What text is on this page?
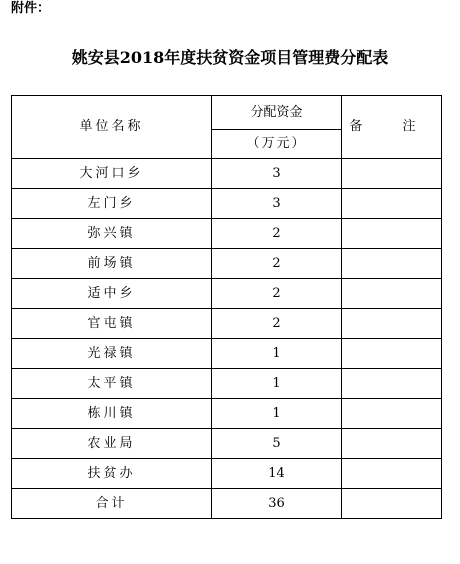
附件：
姚安县2018年度扶贫资金项目管理费分配表
单位名称	分配资金	备 注
	（万元）	
大河口乡	3	
左门乡	3	
弥兴镇	2	
前场镇	2	
适中乡	2	
官屯镇	2	
光禄镇	1	
太平镇	1	
栋川镇	1	
农业局	5	
扶贫办	14	
合计	36	
